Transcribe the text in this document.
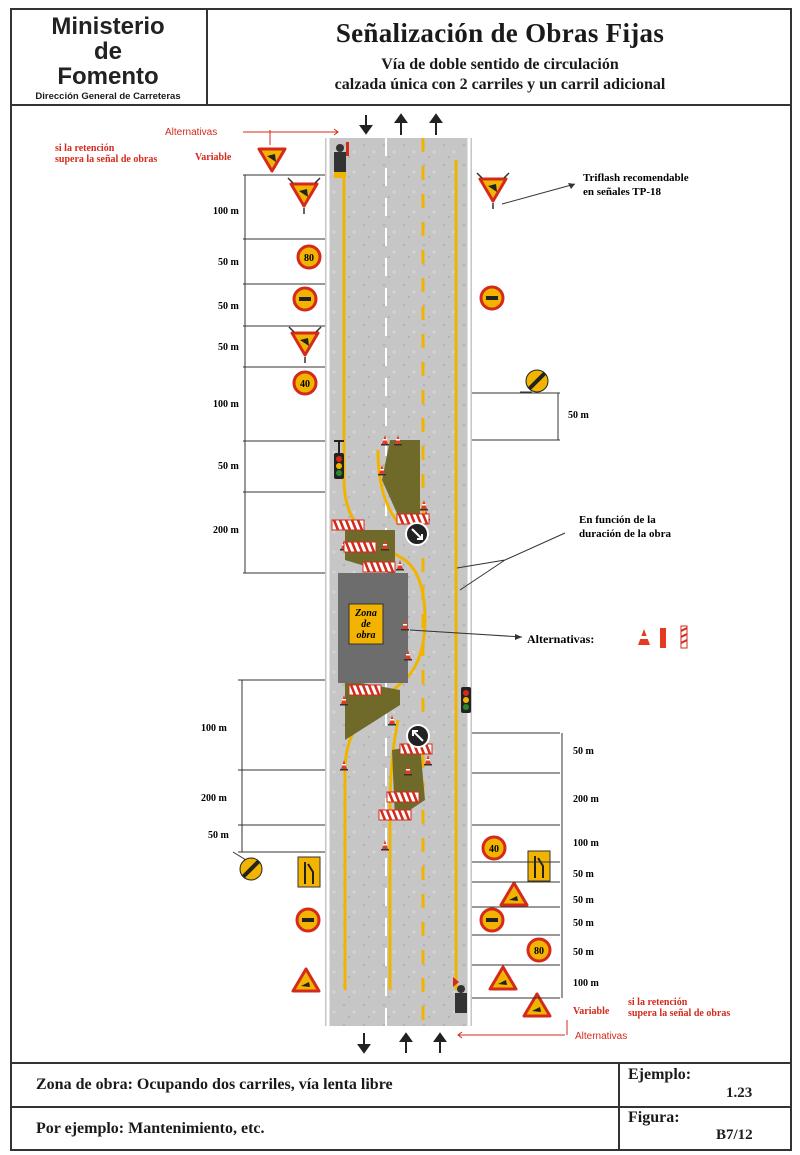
Ministerio
de
Fomento
Dirección General de Carreteras
Señalización de Obras Fijas
Vía de doble sentido de circulación
calzada única con 2 carriles y un carril adicional
Zona
de
obra
80
40
40
80
Alternativas
si la retención
supera la señal de obras	Variable
Triflash recomendable
en señales TP-18
En función de la
duración de la obra
Alternativas:
Variable
si la retención
supera la señal de obras
Alternativas
100 m
50 m
50 m
50 m
100 m
50 m
200 m
100 m
200 m
50 m
50 m
50 m
200 m
100 m
50 m
50 m
50 m
50 m
100 m
Zona de obra: Ocupando dos carriles, vía lenta libre
Ejemplo:
1.23
Por ejemplo: Mantenimiento, etc.
Figura:
B7/12
